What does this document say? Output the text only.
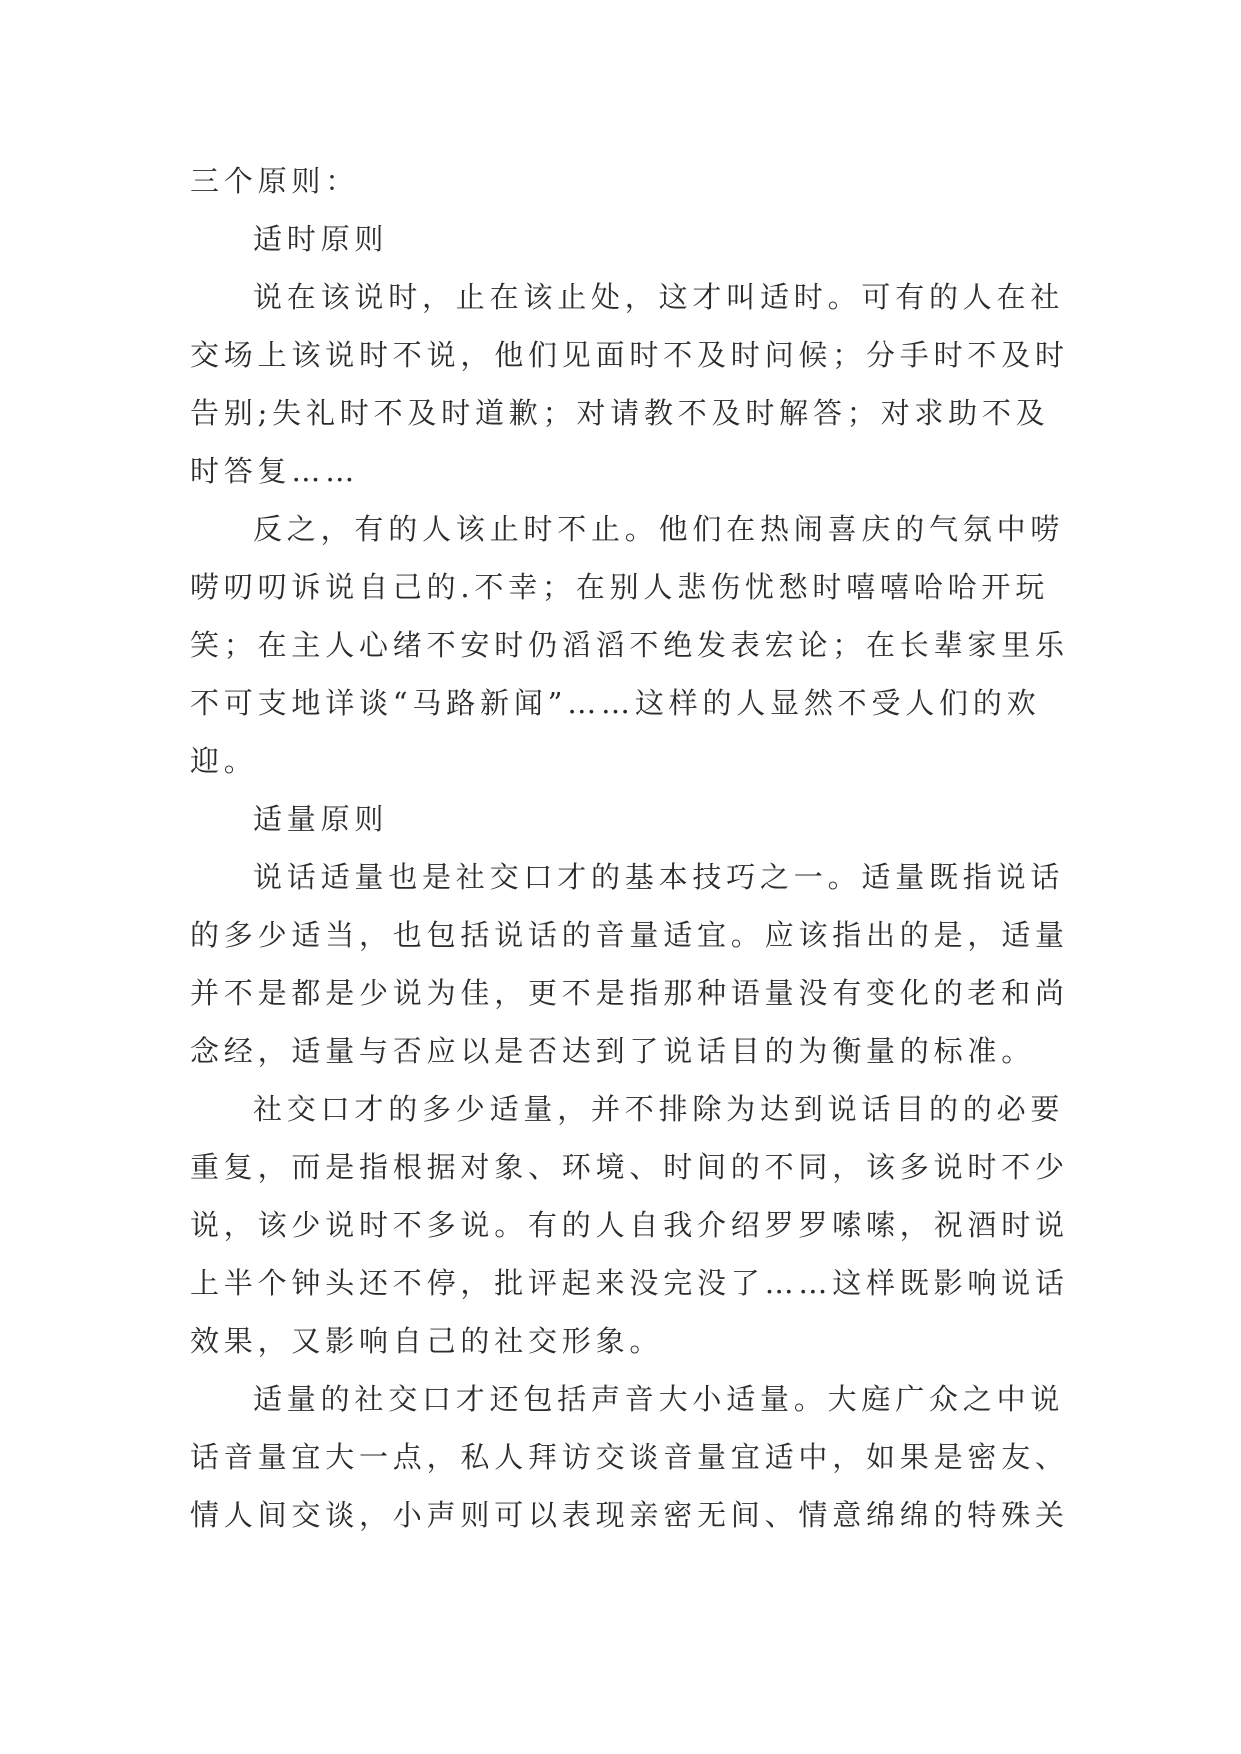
三个原则：
适时原则
说在该说时，止在该止处，这才叫适时。可有的人在社
交场上该说时不说，他们见面时不及时问候；分手时不及时
告别;失礼时不及时道歉；对请教不及时解答；对求助不及
时答复……
反之，有的人该止时不止。他们在热闹喜庆的气氛中唠
唠叨叨诉说自己的.不幸；在别人悲伤忧愁时嘻嘻哈哈开玩
笑；在主人心绪不安时仍滔滔不绝发表宏论；在长辈家里乐
不可支地详谈“马路新闻”……这样的人显然不受人们的欢
迎。
适量原则
说话适量也是社交口才的基本技巧之一。适量既指说话
的多少适当，也包括说话的音量适宜。应该指出的是，适量
并不是都是少说为佳，更不是指那种语量没有变化的老和尚
念经，适量与否应以是否达到了说话目的为衡量的标准。
社交口才的多少适量，并不排除为达到说话目的的必要
重复，而是指根据对象、环境、时间的不同，该多说时不少
说，该少说时不多说。有的人自我介绍罗罗嗦嗦，祝酒时说
上半个钟头还不停，批评起来没完没了……这样既影响说话
效果，又影响自己的社交形象。
适量的社交口才还包括声音大小适量。大庭广众之中说
话音量宜大一点，私人拜访交谈音量宜适中，如果是密友、
情人间交谈，小声则可以表现亲密无间、情意绵绵的特殊关
